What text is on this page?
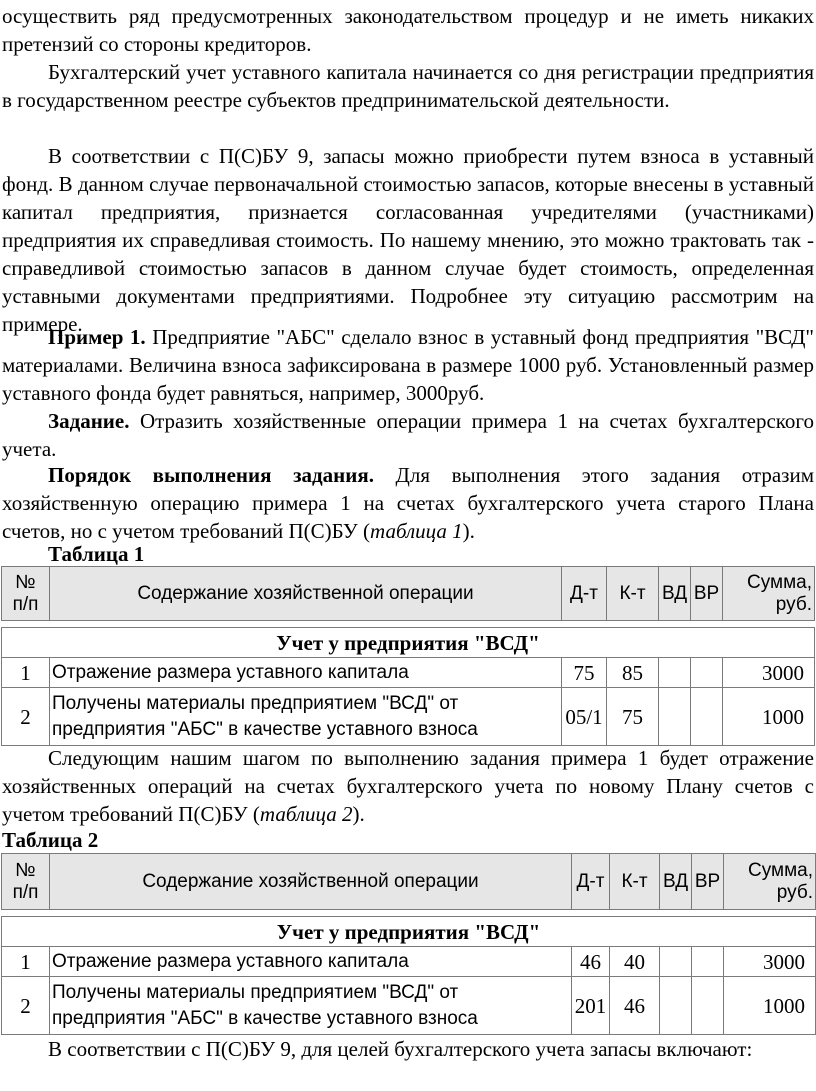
осуществить ряд предусмотренных законодательством процедур и не иметь никаких претензий со стороны кредиторов.

Бухгалтерский учет уставного капитала начинается со дня регистрации предприятия в государственном реестре субъектов предпринимательской деятельности.

В соответствии с П(С)БУ 9, запасы можно приобрести путем взноса в уставный фонд. В данном случае первоначальной стоимостью запасов, которые внесены в уставный капитал предприятия, признается согласованная учредителями (участниками) предприятия их справедливая стоимость. По нашему мнению, это можно трактовать так - справедливой стоимостью запасов в данном случае будет стоимость, определенная уставными документами предприятиями. Подробнее эту ситуацию рассмотрим на примере.

Пример 1. Предприятие "АБС" сделало взнос в уставный фонд предприятия "ВСД" материалами. Величина взноса зафиксирована в размере 1000 руб. Установленный размер уставного фонда будет равняться, например, 3000руб.

Задание. Отразить хозяйственные операции примера 1 на счетах бухгалтерского учета.

Порядок выполнения задания. Для выполнения этого задания отразим хозяйственную операцию примера 1 на счетах бухгалтерского учета старого Плана счетов, но с учетом требований П(С)БУ (таблица 1).

Таблица 1
№
п/п	Содержание хозяйственной операции	Д-т	К-т	ВД	ВР	Сумма,
руб.

Учет у предприятия "ВСД"						
1	Отражение размера уставного капитала	75	85			3000
2	Получены материалы предприятием "ВСД" от предприятия "АБС" в качестве уставного взноса	05/1	75			1000

Следующим нашим шагом по выполнению задания примера 1 будет отражение хозяйственных операций на счетах бухгалтерского учета по новому Плану счетов с учетом требований П(С)БУ (таблица 2).

Таблица 2
№
п/п	Содержание хозяйственной операции	Д-т	К-т	ВД	ВР	Сумма,
руб.

Учет у предприятия "ВСД"						
1	Отражение размера уставного капитала	46	40			3000
2	Получены материалы предприятием "ВСД" от предприятия "АБС" в качестве уставного взноса	201	46			1000

В соответствии с П(С)БУ 9, для целей бухгалтерского учета запасы включают:
